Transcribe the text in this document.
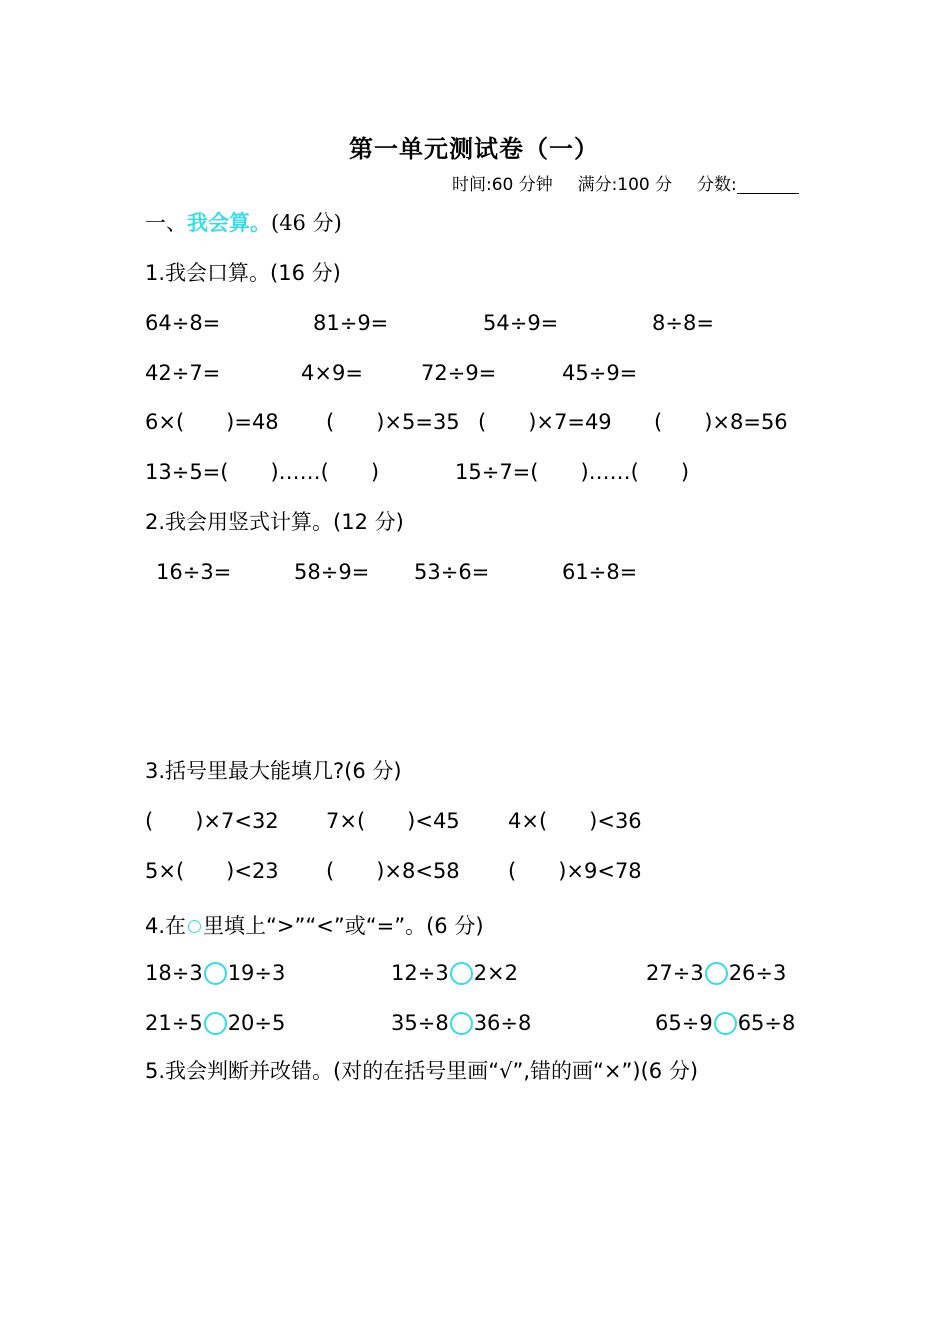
第一单元测试卷（一）
时间:60 分钟 满分:100 分 分数:
一、我会算。(46 分)
1.我会口算。(16 分)
64÷8=	81÷9=	54÷9=	8÷8=
42÷7=	4×9=	72÷9=	45÷9=
6×(　　)=48 (　　)×5=35 (　　)×7=49 (　　)×8=56
13÷5=(　　)……(　　)	15÷7=(　　)……(　　)
2.我会用竖式计算。(12 分)
16÷3=	58÷9= 53÷6=	61÷8=
3.括号里最大能填几?(6 分)
(　　)×7<32 7×(　　)<45 4×(　　)<36
5×(　　)<23 (　　)×8<58 (　　)×9<78
4.在 里填上“>”“<”或“=”。(6 分)
18÷3 19÷3	12÷3 2×2	27÷3 26÷3
21÷5 20÷5	35÷8 36÷8	65÷9 65÷8
5.我会判断并改错。(对的在括号里画“√”,错的画“×”)(6 分)
